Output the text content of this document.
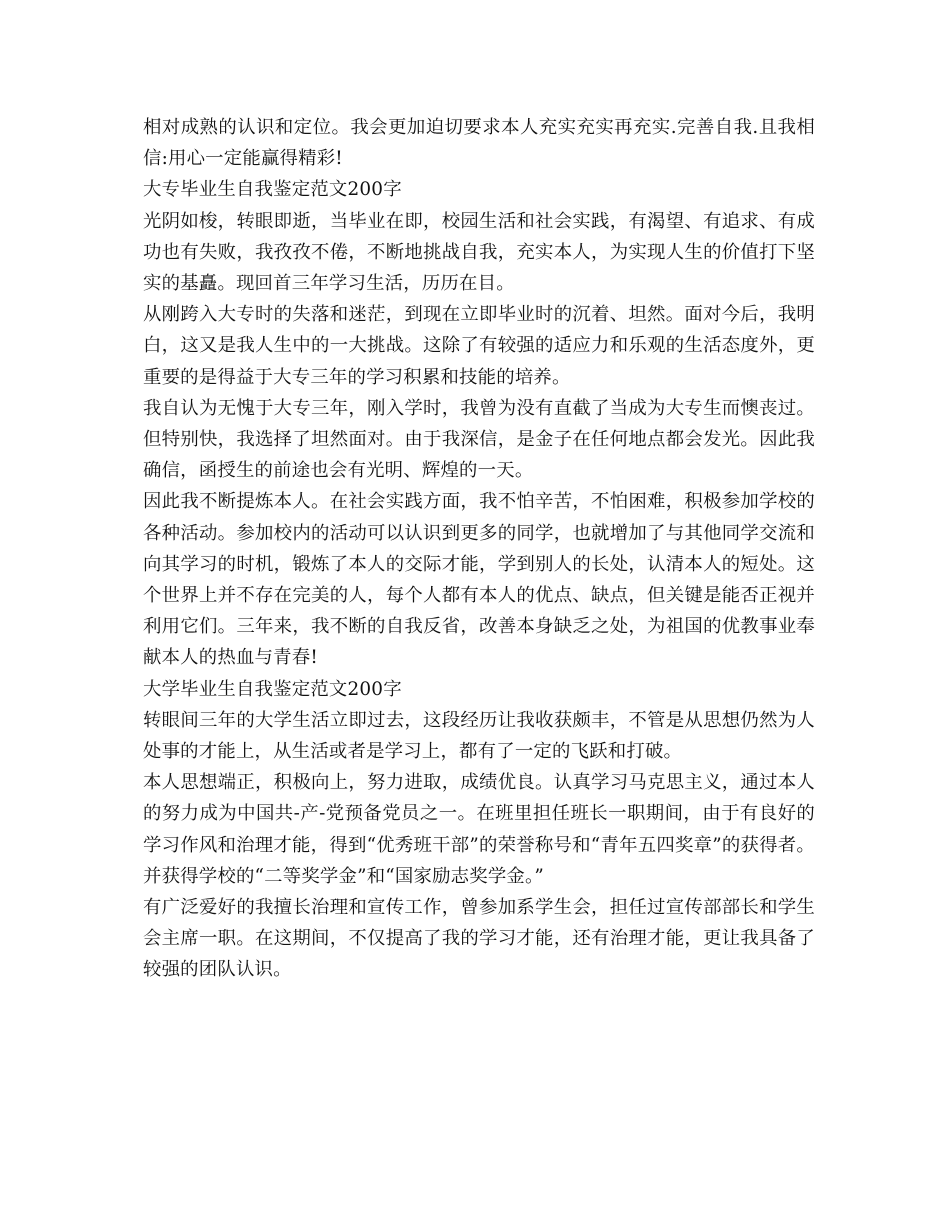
相对成熟的认识和定位。我会更加迫切要求本人充实充实再充实.完善自我.且我相信:用心一定能赢得精彩!

大专毕业生自我鉴定范文200字

光阴如梭，转眼即逝，当毕业在即，校园生活和社会实践，有渴望、有追求、有成功也有失败，我孜孜不倦，不断地挑战自我，充实本人，为实现人生的价值打下坚实的基矗。现回首三年学习生活，历历在目。

从刚跨入大专时的失落和迷茫，到现在立即毕业时的沉着、坦然。面对今后，我明白，这又是我人生中的一大挑战。这除了有较强的适应力和乐观的生活态度外，更重要的是得益于大专三年的学习积累和技能的培养。

我自认为无愧于大专三年，刚入学时，我曾为没有直截了当成为大专生而懊丧过。但特别快，我选择了坦然面对。由于我深信，是金子在任何地点都会发光。因此我确信，函授生的前途也会有光明、辉煌的一天。

因此我不断提炼本人。在社会实践方面，我不怕辛苦，不怕困难，积极参加学校的各种活动。参加校内的活动可以认识到更多的同学，也就增加了与其他同学交流和向其学习的时机，锻炼了本人的交际才能，学到别人的长处，认清本人的短处。这个世界上并不存在完美的人，每个人都有本人的优点、缺点，但关键是能否正视并利用它们。三年来，我不断的自我反省，改善本身缺乏之处，为祖国的优教事业奉献本人的热血与青春!

大学毕业生自我鉴定范文200字

转眼间三年的大学生活立即过去，这段经历让我收获颇丰，不管是从思想仍然为人处事的才能上，从生活或者是学习上，都有了一定的飞跃和打破。

本人思想端正，积极向上，努力进取，成绩优良。认真学习马克思主义，通过本人的努力成为中国共-产-党预备党员之一。在班里担任班长一职期间，由于有良好的学习作风和治理才能，得到“优秀班干部”的荣誉称号和“青年五四奖章”的获得者。并获得学校的“二等奖学金”和“国家励志奖学金。”

有广泛爱好的我擅长治理和宣传工作，曾参加系学生会，担任过宣传部部长和学生会主席一职。在这期间，不仅提高了我的学习才能，还有治理才能，更让我具备了较强的团队认识。
